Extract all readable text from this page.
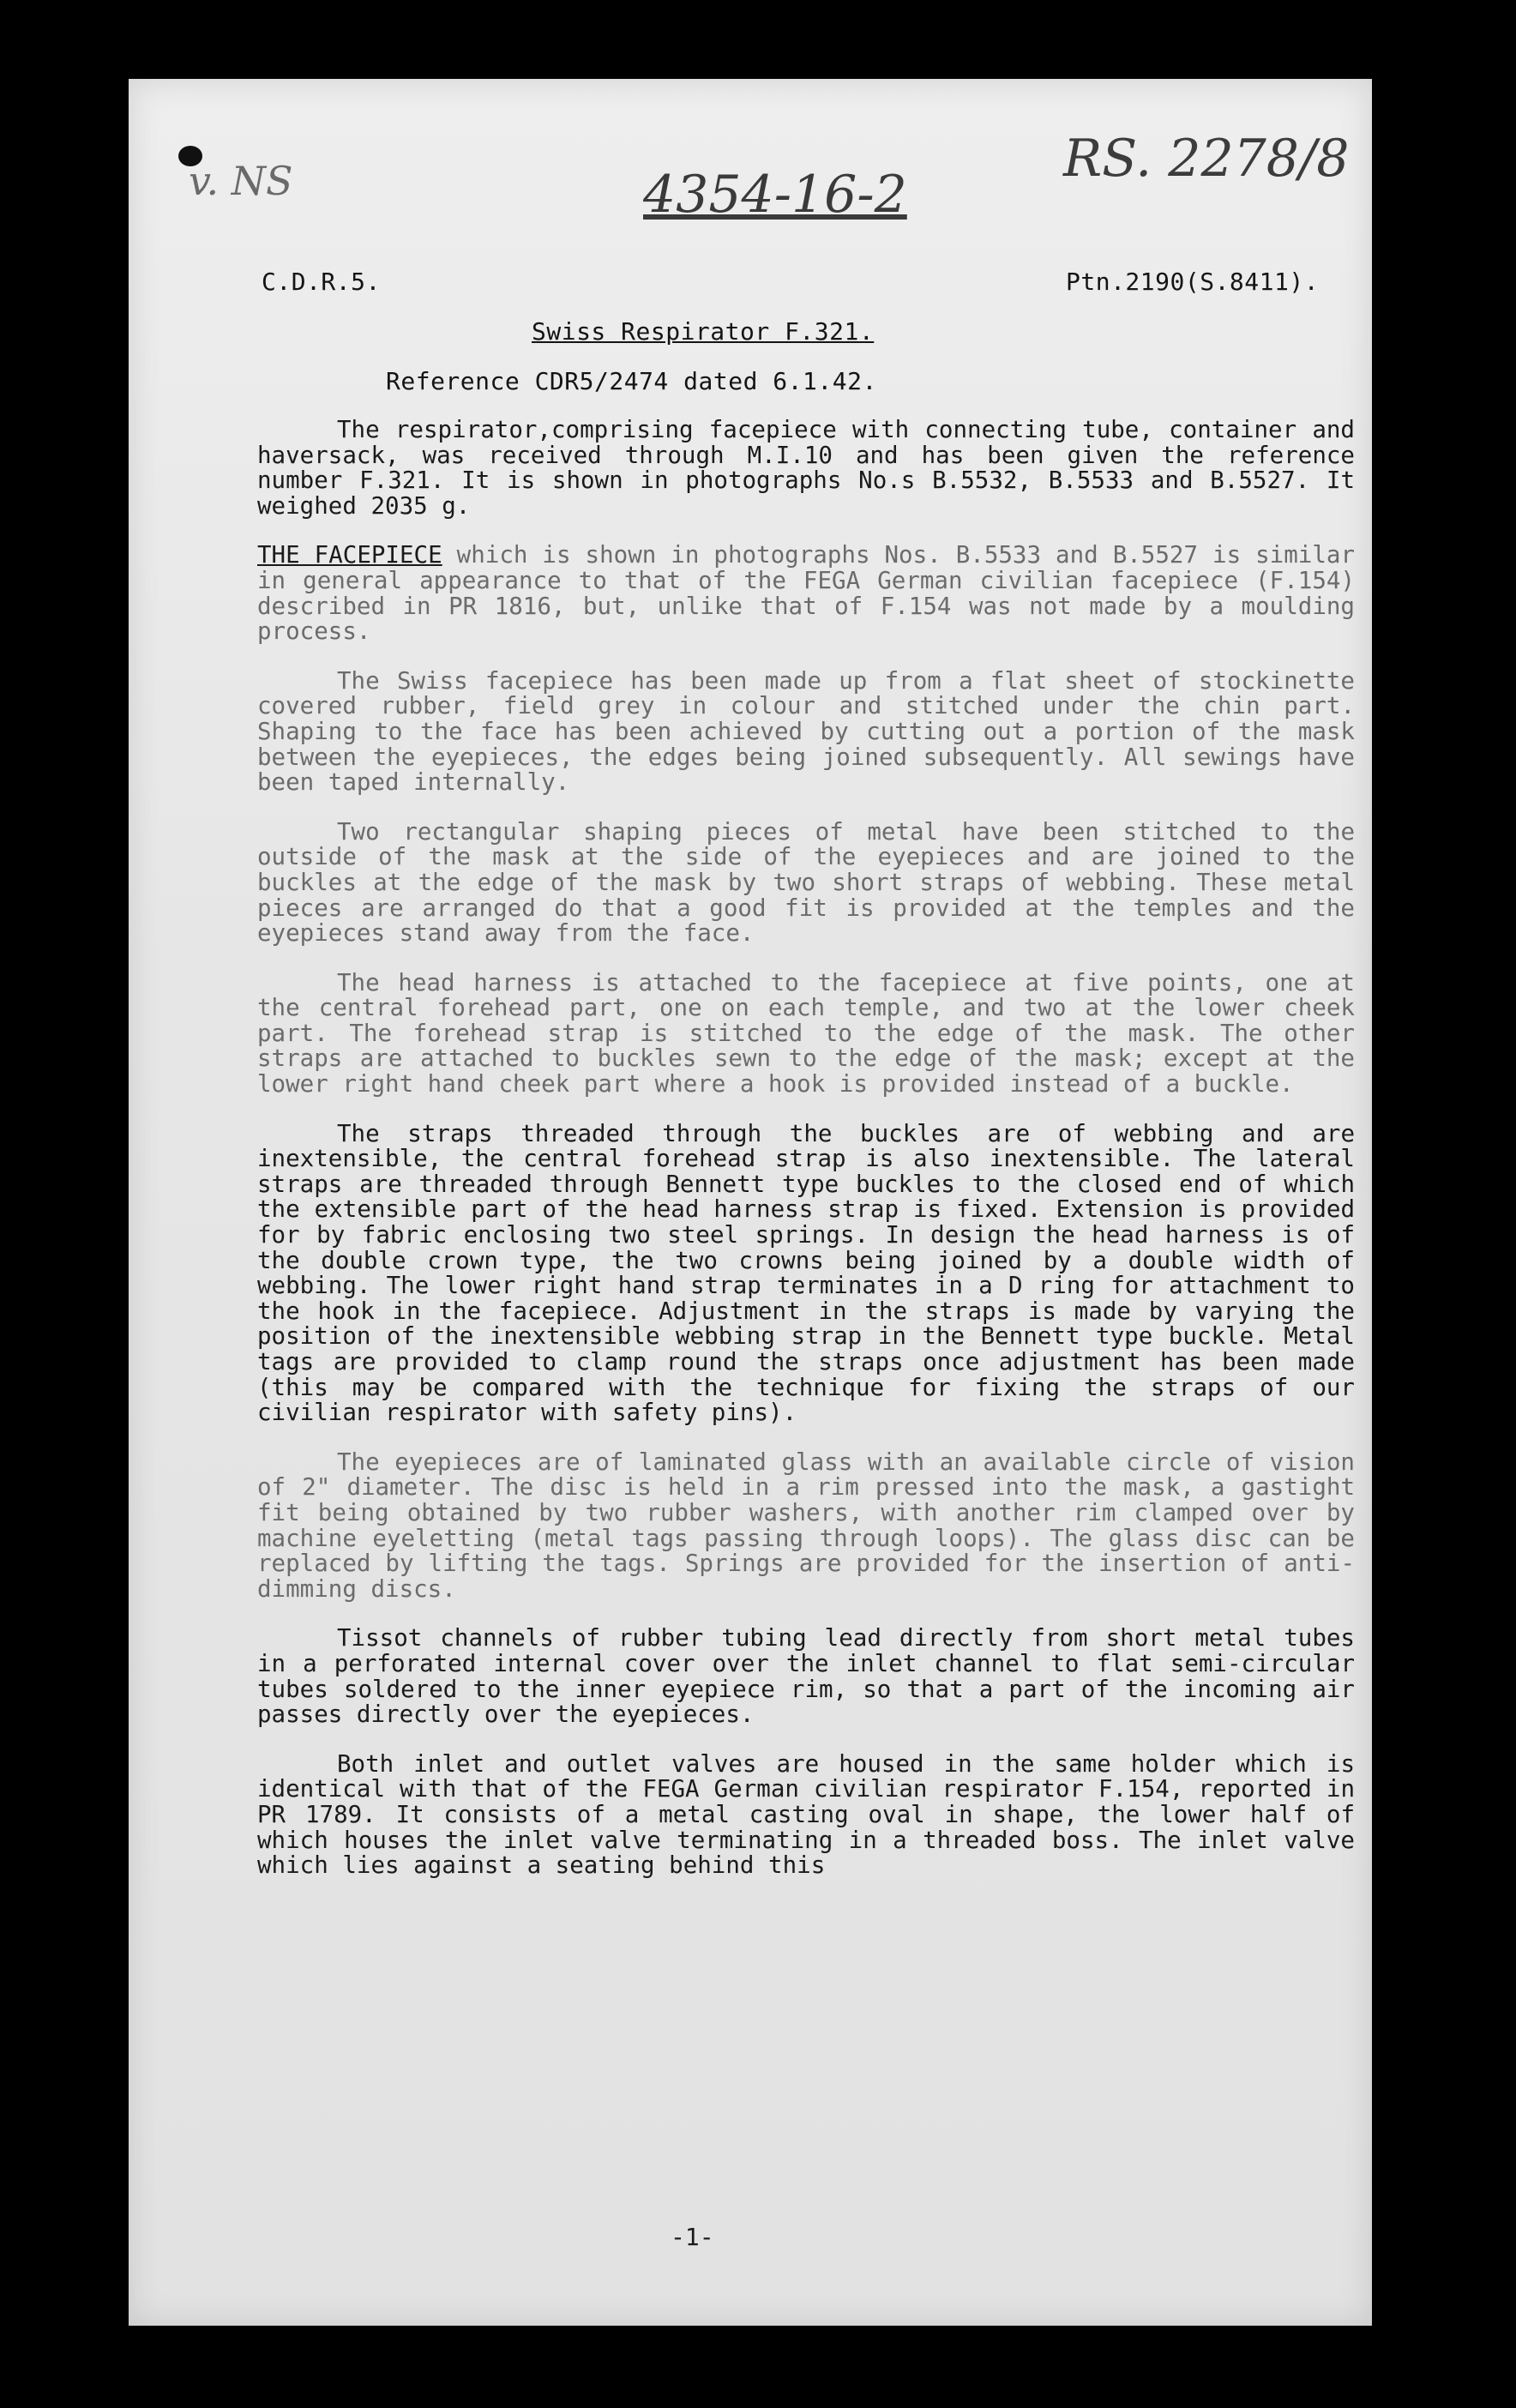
v. NS	4354-16-2
RS. 2278/8
C.D.R.5.	Ptn.2190(S.8411).
Swiss Respirator F.321.
Reference CDR5/2474 dated 6.1.42.

The respirator,comprising facepiece with connecting tube, container and haversack, was received through M.I.10 and has been given the reference number F.321. It is shown in photographs No.s B.5532, B.5533 and B.5527. It weighed 2035 g.

THE FACEPIECE which is shown in photographs Nos. B.5533 and B.5527 is similar in general appearance to that of the FEGA German civilian facepiece (F.154) described in PR 1816, but, unlike that of F.154 was not made by a moulding process.

The Swiss facepiece has been made up from a flat sheet of stockinette covered rubber, field grey in colour and stitched under the chin part. Shaping to the face has been achieved by cutting out a portion of the mask between the eyepieces, the edges being joined subsequently. All sewings have been taped internally.

Two rectangular shaping pieces of metal have been stitched to the outside of the mask at the side of the eyepieces and are joined to the buckles at the edge of the mask by two short straps of webbing. These metal pieces are arranged do that a good fit is provided at the temples and the eyepieces stand away from the face.

The head harness is attached to the facepiece at five points, one at the central forehead part, one on each temple, and two at the lower cheek part. The forehead strap is stitched to the edge of the mask. The other straps are attached to buckles sewn to the edge of the mask; except at the lower right hand cheek part where a hook is provided instead of a buckle.

The straps threaded through the buckles are of webbing and are inextensible, the central forehead strap is also inextensible. The lateral straps are threaded through Bennett type buckles to the closed end of which the extensible part of the head harness strap is fixed. Extension is provided for by fabric enclosing two steel springs. In design the head harness is of the double crown type, the two crowns being joined by a double width of webbing. The lower right hand strap terminates in a D ring for attachment to the hook in the facepiece. Adjustment in the straps is made by varying the position of the inextensible webbing strap in the Bennett type buckle. Metal tags are provided to clamp round the straps once adjustment has been made (this may be compared with the technique for fixing the straps of our civilian respirator with safety pins).

The eyepieces are of laminated glass with an available circle of vision of 2" diameter. The disc is held in a rim pressed into the mask, a gastight fit being obtained by two rubber washers, with another rim clamped over by machine eyeletting (metal tags passing through loops). The glass disc can be replaced by lifting the tags. Springs are provided for the insertion of anti-dimming discs.

Tissot channels of rubber tubing lead directly from short metal tubes in a perforated internal cover over the inlet channel to flat semi-circular tubes soldered to the inner eyepiece rim, so that a part of the incoming air passes directly over the eyepieces.

Both inlet and outlet valves are housed in the same holder which is identical with that of the FEGA German civilian respirator F.154, reported in PR 1789. It consists of a metal casting oval in shape, the lower half of which houses the inlet valve terminating in a threaded boss. The inlet valve which lies against a seating behind this

-1-
